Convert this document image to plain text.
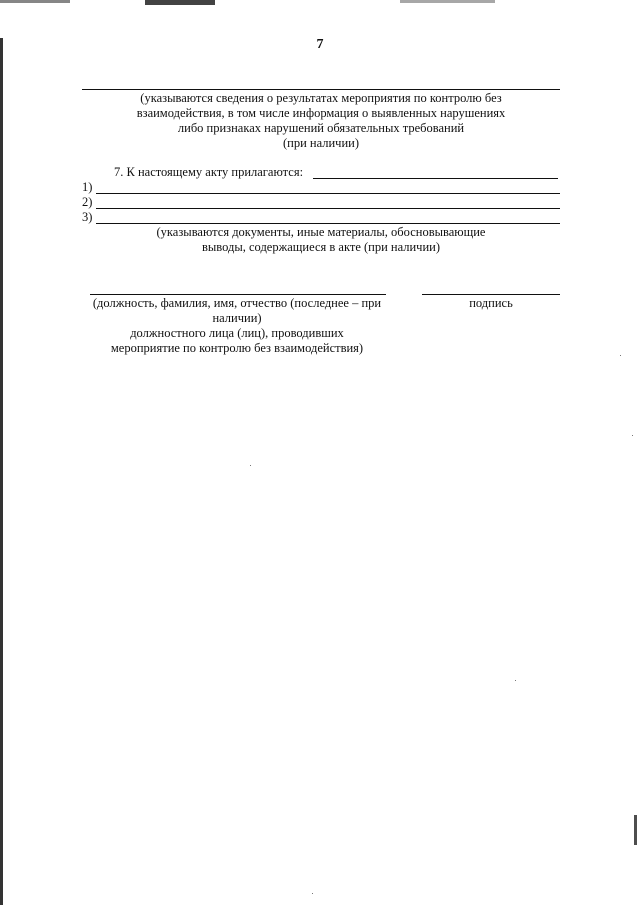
7
(указываются сведения о результатах мероприятия по контролю без
взаимодействия, в том числе информация о выявленных нарушениях
либо признаках нарушений обязательных требований
(при наличии)
7. К настоящему акту прилагаются:
1)
2)
3)
(указываются документы, иные материалы, обосновывающие
выводы, содержащиеся в акте (при наличии)
(должность, фамилия, имя, отчество (последнее – при
наличии)
должностного лица (лиц), проводивших
мероприятие по контролю без взаимодействия)
подпись
